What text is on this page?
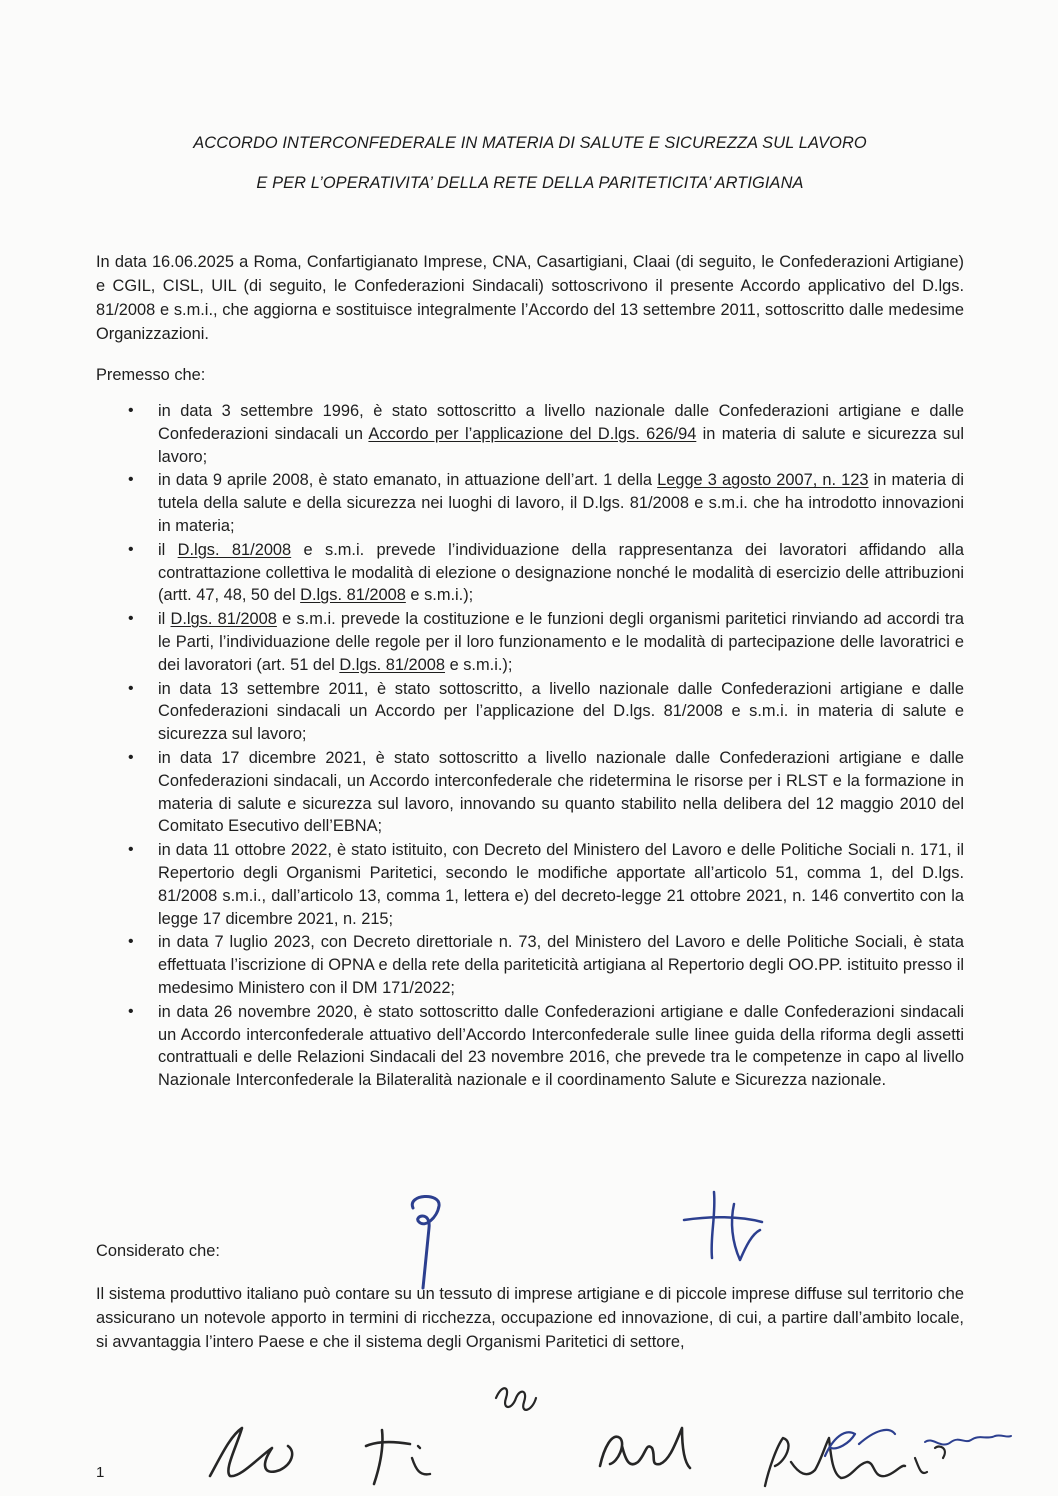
ACCORDO INTERCONFEDERALE IN MATERIA DI SALUTE E SICUREZZA SUL LAVORO
E PER L’OPERATIVITA’ DELLA RETE DELLA PARITETICITA’ ARTIGIANA

In data 16.06.2025 a Roma, Confartigianato Imprese, CNA, Casartigiani, Claai (di seguito, le Confederazioni Artigiane) e CGIL, CISL, UIL (di seguito, le Confederazioni Sindacali) sottoscrivono il presente Accordo applicativo del D.lgs. 81/2008 e s.m.i., che aggiorna e sostituisce integralmente l’Accordo del 13 settembre 2011, sottoscritto dalle medesime Organizzazioni.

Premesso che:
• in data 3 settembre 1996, è stato sottoscritto a livello nazionale dalle Confederazioni artigiane e dalle Confederazioni sindacali un Accordo per l’applicazione del D.lgs. 626/94 in materia di salute e sicurezza sul lavoro;
• in data 9 aprile 2008, è stato emanato, in attuazione dell’art. 1 della Legge 3 agosto 2007, n. 123 in materia di tutela della salute e della sicurezza nei luoghi di lavoro, il D.lgs. 81/2008 e s.m.i. che ha introdotto innovazioni in materia;
• il D.lgs. 81/2008 e s.m.i. prevede l’individuazione della rappresentanza dei lavoratori affidando alla contrattazione collettiva le modalità di elezione o designazione nonché le modalità di esercizio delle attribuzioni (artt. 47, 48, 50 del D.lgs. 81/2008 e s.m.i.);
• il D.lgs. 81/2008 e s.m.i. prevede la costituzione e le funzioni degli organismi paritetici rinviando ad accordi tra le Parti, l’individuazione delle regole per il loro funzionamento e le modalità di partecipazione delle lavoratrici e dei lavoratori (art. 51 del D.lgs. 81/2008 e s.m.i.);
• in data 13 settembre 2011, è stato sottoscritto, a livello nazionale dalle Confederazioni artigiane e dalle Confederazioni sindacali un Accordo per l’applicazione del D.lgs. 81/2008 e s.m.i. in materia di salute e sicurezza sul lavoro;
• in data 17 dicembre 2021, è stato sottoscritto a livello nazionale dalle Confederazioni artigiane e dalle Confederazioni sindacali, un Accordo interconfederale che ridetermina le risorse per i RLST e la formazione in materia di salute e sicurezza sul lavoro, innovando su quanto stabilito nella delibera del 12 maggio 2010 del Comitato Esecutivo dell’EBNA;
• in data 11 ottobre 2022, è stato istituito, con Decreto del Ministero del Lavoro e delle Politiche Sociali n. 171, il Repertorio degli Organismi Paritetici, secondo le modifiche apportate all’articolo 51, comma 1, del D.lgs. 81/2008 s.m.i., dall’articolo 13, comma 1, lettera e) del decreto-legge 21 ottobre 2021, n. 146 convertito con la legge 17 dicembre 2021, n. 215;
• in data 7 luglio 2023, con Decreto direttoriale n. 73, del Ministero del Lavoro e delle Politiche Sociali, è stata effettuata l’iscrizione di OPNA e della rete della pariteticità artigiana al Repertorio degli OO.PP. istituito presso il medesimo Ministero con il DM 171/2022;
• in data 26 novembre 2020, è stato sottoscritto dalle Confederazioni artigiane e dalle Confederazioni sindacali un Accordo interconfederale attuativo dell’Accordo Interconfederale sulle linee guida della riforma degli assetti contrattuali e delle Relazioni Sindacali del 23 novembre 2016, che prevede tra le competenze in capo al livello Nazionale Interconfederale la Bilateralità nazionale e il coordinamento Salute e Sicurezza nazionale.
Considerato che:

Il sistema produttivo italiano può contare su un tessuto di imprese artigiane e di piccole imprese diffuse sul territorio che assicurano un notevole apporto in termini di ricchezza, occupazione ed innovazione, di cui, a partire dall’ambito locale, si avvantaggia l’intero Paese e che il sistema degli Organismi Paritetici di settore,

1
